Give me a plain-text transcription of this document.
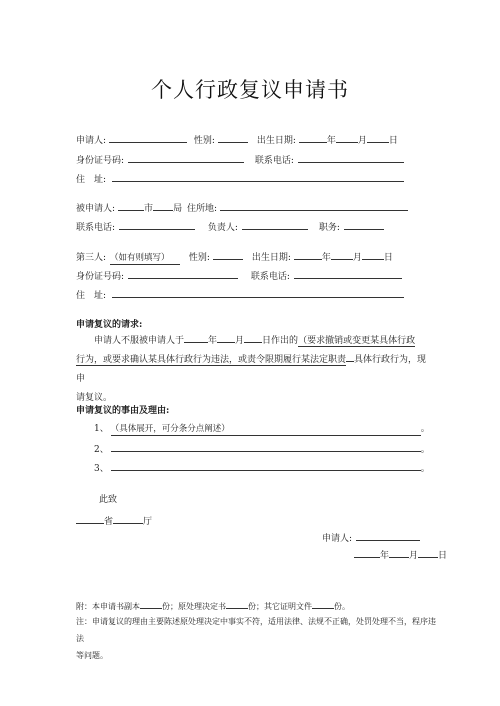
个人行政复议申请书
申请人:	性别:	出生日期:	年 月 日
身份证号码:	联系电话:
住　址:
被申请人:	市 局 住所地:
联系电话:	负责人:	职务:
第三人: （如有则填写） 性别:	出生日期:	年 月 日
身份证号码:	联系电话:
住　址:
申请复议的请求:
申请人不服被申请人于	年 月 日作出的（要求撤销或变更某具体行政
行为，或要求确认某具体行政行为违法，或责令限期履行某法定职责 具体行政行为，现申
请复议。
申请复议的事由及理由:
1、 （具体展开，可分条分点阐述）	。
2、	。
3、	。
此致
省	厅
申请人:
年 月 日
附：本申请书副本	份；原处理决定书	份；其它证明文件	份。
注：申请复议的理由主要陈述原处理决定中事实不符，适用法律、法规不正确，处罚处理不当，程序违法
等问题。
